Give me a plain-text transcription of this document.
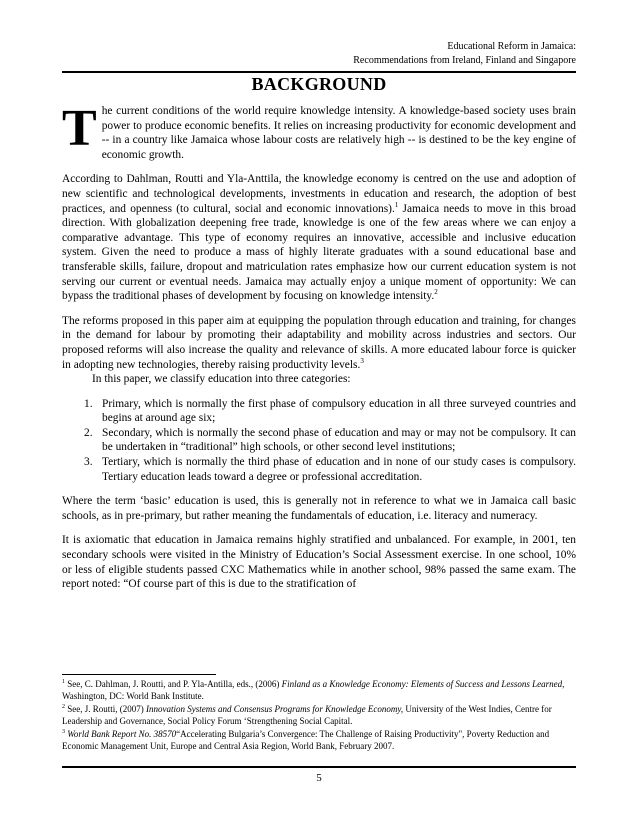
Educational Reform in Jamaica:
Recommendations from Ireland, Finland and Singapore
BACKGROUND

The current conditions of the world require knowledge intensity. A knowledge-based society uses brain power to produce economic benefits. It relies on increasing productivity for economic development and -- in a country like Jamaica whose labour costs are relatively high -- is destined to be the key engine of economic growth.

According to Dahlman, Routti and Yla-Anttila, the knowledge economy is centred on the use and adoption of new scientific and technological developments, investments in education and research, the adoption of best practices, and openness (to cultural, social and economic innovations).$^1$ Jamaica needs to move in this broad direction. With globalization deepening free trade, knowledge is one of the few areas where we can enjoy a comparative advantage. This type of economy requires an innovative, accessible and inclusive education system. Given the need to produce a mass of highly literate graduates with a sound educational base and transferable skills, failure, dropout and matriculation rates emphasize how our current education system is not serving our current or eventual needs. Jamaica may actually enjoy a unique moment of opportunity: We can bypass the traditional phases of development by focusing on knowledge intensity.$^2$

The reforms proposed in this paper aim at equipping the population through education and training, for changes in the demand for labour by promoting their adaptability and mobility across industries and sectors. Our proposed reforms will also increase the quality and relevance of skills. A more educated labour force is quicker in adopting new technologies, thereby raising productivity levels.$^3$

In this paper, we classify education into three categories:

1. Primary, which is normally the first phase of compulsory education in all three surveyed countries and begins at around age six;
2. Secondary, which is normally the second phase of education and may or may not be compulsory. It can be undertaken in “traditional” high schools, or other second level institutions;
3. Tertiary, which is normally the third phase of education and in none of our study cases is compulsory. Tertiary education leads toward a degree or professional accreditation.

Where the term ‘basic’ education is used, this is generally not in reference to what we in Jamaica call basic schools, as in pre-primary, but rather meaning the fundamentals of education, i.e. literacy and numeracy.

It is axiomatic that education in Jamaica remains highly stratified and unbalanced. For example, in 2001, ten secondary schools were visited in the Ministry of Education’s Social Assessment exercise. In one school, 10% or less of eligible students passed CXC Mathematics while in another school, 98% passed the same exam. The report noted: “Of course part of this is due to the stratification of

$^1$ See, C. Dahlman, J. Routti, and P. Yla-Antilla, eds., (2006) Finland as a Knowledge Economy: Elements of Success and Lessons Learned, Washington, DC: World Bank Institute.
$^2$ See, J. Routti, (2007) Innovation Systems and Consensus Programs for Knowledge Economy, University of the West Indies, Centre for Leadership and Governance, Social Policy Forum ‘Strengthening Social Capital.
$^3$ World Bank Report No. 38570“Accelerating Bulgaria’s Convergence: The Challenge of Raising Productivity", Poverty Reduction and Economic Management Unit, Europe and Central Asia Region, World Bank, February 2007.
5
